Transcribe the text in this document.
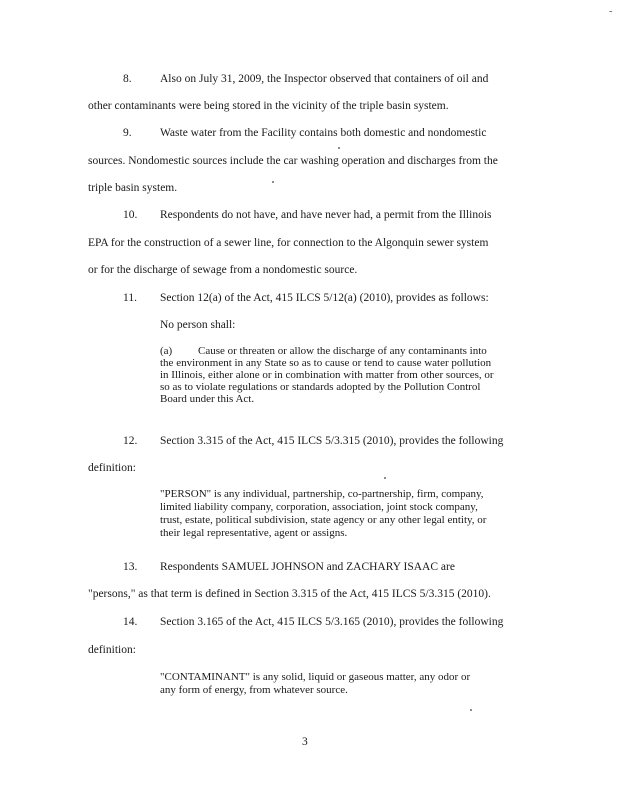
-
8. Also on July 31, 2009, the Inspector observed that containers of oil and
other contaminants were being stored in the vicinity of the triple basin system.
9. Waste water from the Facility contains both domestic and nondomestic
sources. Nondomestic sources include the car washing operation and discharges from the
triple basin system.
10. Respondents do not have, and have never had, a permit from the Illinois
EPA for the construction of a sewer line, for connection to the Algonquin sewer system
or for the discharge of sewage from a nondomestic source.
11. Section 12(a) of the Act, 415 ILCS 5/12(a) (2010), provides as follows:
No person shall:
(a) Cause or threaten or allow the discharge of any contaminants into
the environment in any State so as to cause or tend to cause water pollution
in Illinois, either alone or in combination with matter from other sources, or
so as to violate regulations or standards adopted by the Pollution Control
Board under this Act.
12. Section 3.315 of the Act, 415 ILCS 5/3.315 (2010), provides the following
definition:
"PERSON" is any individual, partnership, co-partnership, firm, company,
limited liability company, corporation, association, joint stock company,
trust, estate, political subdivision, state agency or any other legal entity, or
their legal representative, agent or assigns.
13. Respondents SAMUEL JOHNSON and ZACHARY ISAAC are
"persons," as that term is defined in Section 3.315 of the Act, 415 ILCS 5/3.315 (2010).
14. Section 3.165 of the Act, 415 ILCS 5/3.165 (2010), provides the following
definition:
"CONTAMINANT" is any solid, liquid or gaseous matter, any odor or
any form of energy, from whatever source.
3
